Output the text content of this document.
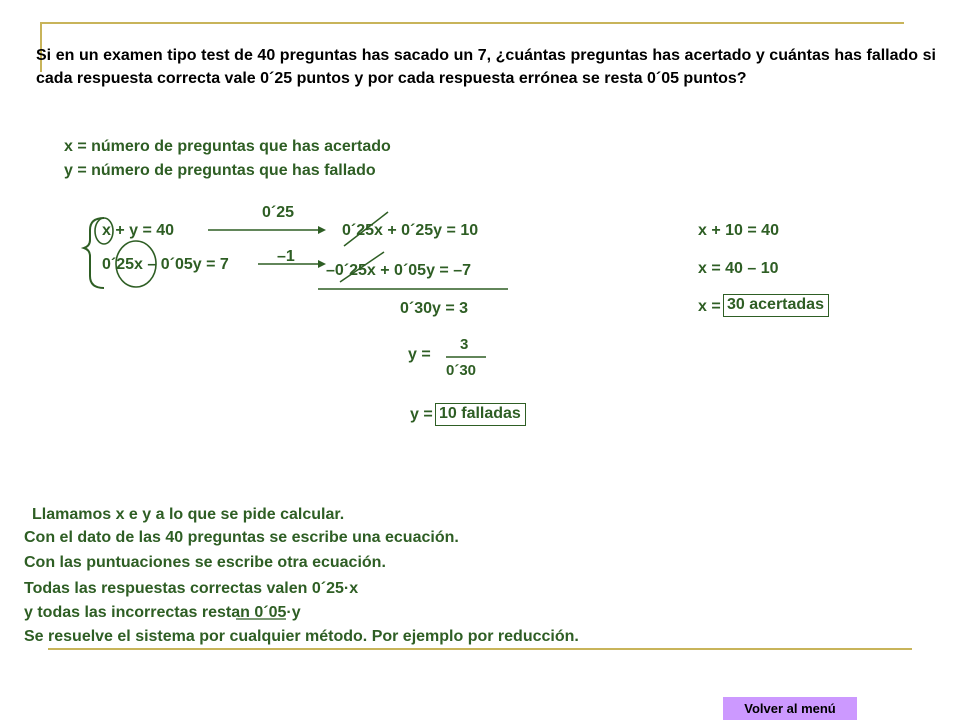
Si en un examen tipo test de 40 preguntas has sacado un 7, ¿cuántas preguntas has acertado y cuántas has fallado si cada respuesta correcta vale 0´25 puntos y por cada respuesta errónea se resta 0´05 puntos?
x = número de preguntas que has acertado
y = número de preguntas que has fallado
x + y = 40
0´25x – 0´05y = 7
0´25
–1
0´25x + 0´25y = 10
–0´25x + 0´05y = –7
0´30y = 3
y =
3
0´30
y = 10 falladas
x + 10 = 40
x = 40 – 10
x = 30 acertadas
Llamamos x e y a lo que se pide calcular.
Con el dato de las 40 preguntas se escribe una ecuación.
Con las puntuaciones se escribe otra ecuación.
Todas las respuestas correctas valen 0´25·x
y todas las incorrectas restan 0´05·y
Se resuelve el sistema por cualquier método. Por ejemplo por reducción.
Volver al menú
